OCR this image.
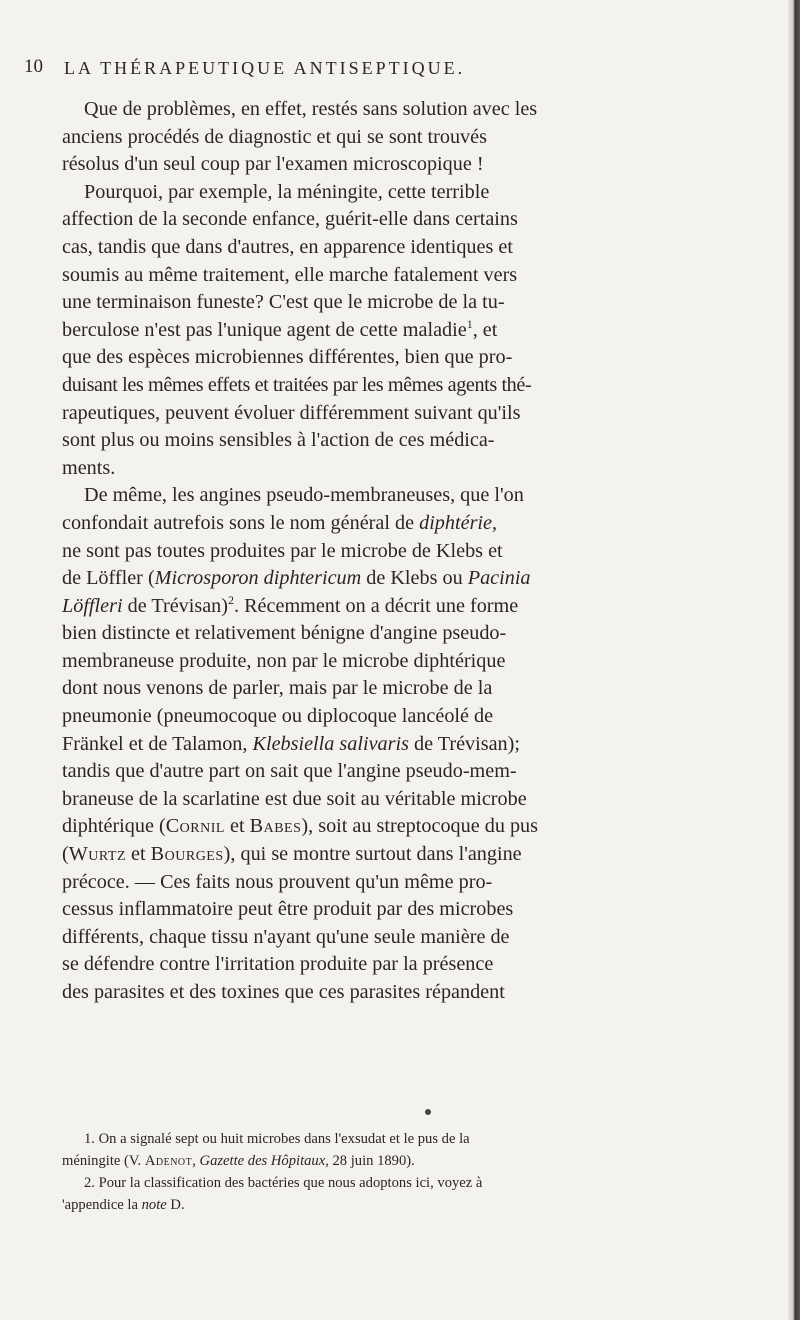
10 LA THÉRAPEUTIQUE ANTISEPTIQUE.
Que de problèmes, en effet, restés sans solution avec les
anciens procédés de diagnostic et qui se sont trouvés
résolus d'un seul coup par l'examen microscopique !
Pourquoi, par exemple, la méningite, cette terrible
affection de la seconde enfance, guérit-elle dans certains
cas, tandis que dans d'autres, en apparence identiques et
soumis au même traitement, elle marche fatalement vers
une terminaison funeste? C'est que le microbe de la tu-
berculose n'est pas l'unique agent de cette maladie$^1$, et
que des espèces microbiennes différentes, bien que pro-
duisant les mêmes effets et traitées par les mêmes agents thé-
rapeutiques, peuvent évoluer différemment suivant qu'ils
sont plus ou moins sensibles à l'action de ces médica-
ments.
De même, les angines pseudo-membraneuses, que l'on
confondait autrefois sons le nom général de diphtérie,
ne sont pas toutes produites par le microbe de Klebs et
de Löffler (Microsporon diphtericum de Klebs ou Pacinia
Löffleri de Trévisan)$^2$. Récemment on a décrit une forme
bien distincte et relativement bénigne d'angine pseudo-
membraneuse produite, non par le microbe diphtérique
dont nous venons de parler, mais par le microbe de la
pneumonie (pneumocoque ou diplocoque lancéolé de
Fränkel et de Talamon, Klebsiella salivaris de Trévisan);
tandis que d'autre part on sait que l'angine pseudo-mem-
braneuse de la scarlatine est due soit au véritable microbe
diphtérique (Cornil et Babes), soit au streptocoque du pus
(Wurtz et Bourges), qui se montre surtout dans l'angine
précoce. — Ces faits nous prouvent qu'un même pro-
cessus inflammatoire peut être produit par des microbes
différents, chaque tissu n'ayant qu'une seule manière de
se défendre contre l'irritation produite par la présence
des parasites et des toxines que ces parasites répandent
1. On a signalé sept ou huit microbes dans l'exsudat et le pus de la
méningite (V. Adenot, Gazette des Hôpitaux, 28 juin 1890).
2. Pour la classification des bactéries que nous adoptons ici, voyez à
'appendice la note D.
